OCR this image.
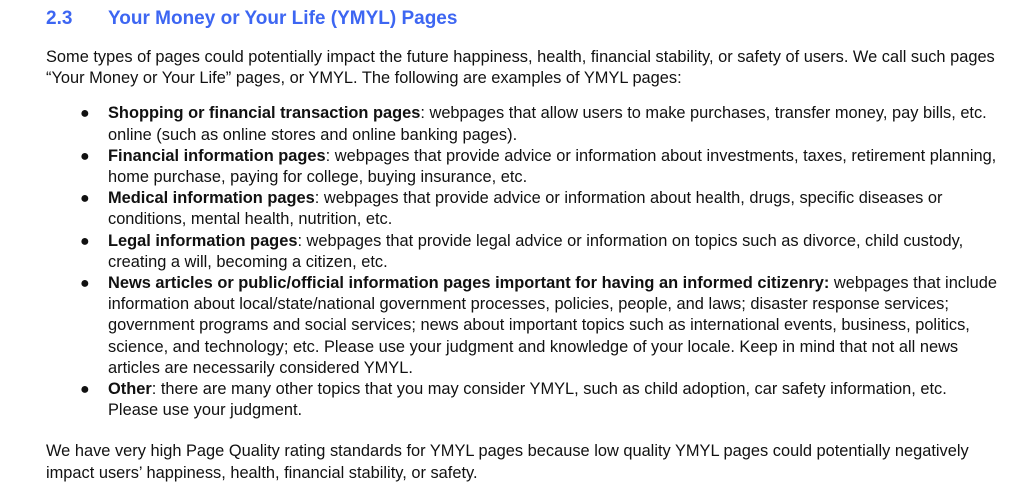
2.3	Your Money or Your Life (YMYL) Pages

Some types of pages could potentially impact the future happiness, health, financial stability, or safety of users. We call such pages “Your Money or Your Life” pages, or YMYL. The following are examples of YMYL pages:

● Shopping or financial transaction pages: webpages that allow users to make purchases, transfer money, pay bills, etc. online (such as online stores and online banking pages).
● Financial information pages: webpages that provide advice or information about investments, taxes, retirement planning, home purchase, paying for college, buying insurance, etc.
● Medical information pages: webpages that provide advice or information about health, drugs, specific diseases or conditions, mental health, nutrition, etc.
● Legal information pages: webpages that provide legal advice or information on topics such as divorce, child custody, creating a will, becoming a citizen, etc.
● News articles or public/official information pages important for having an informed citizenry: webpages that include information about local/state/national government processes, policies, people, and laws; disaster response services; government programs and social services; news about important topics such as international events, business, politics, science, and technology; etc. Please use your judgment and knowledge of your locale. Keep in mind that not all news articles are necessarily considered YMYL.
● Other: there are many other topics that you may consider YMYL, such as child adoption, car safety information, etc. Please use your judgment.

We have very high Page Quality rating standards for YMYL pages because low quality YMYL pages could potentially negatively impact users’ happiness, health, financial stability, or safety.
